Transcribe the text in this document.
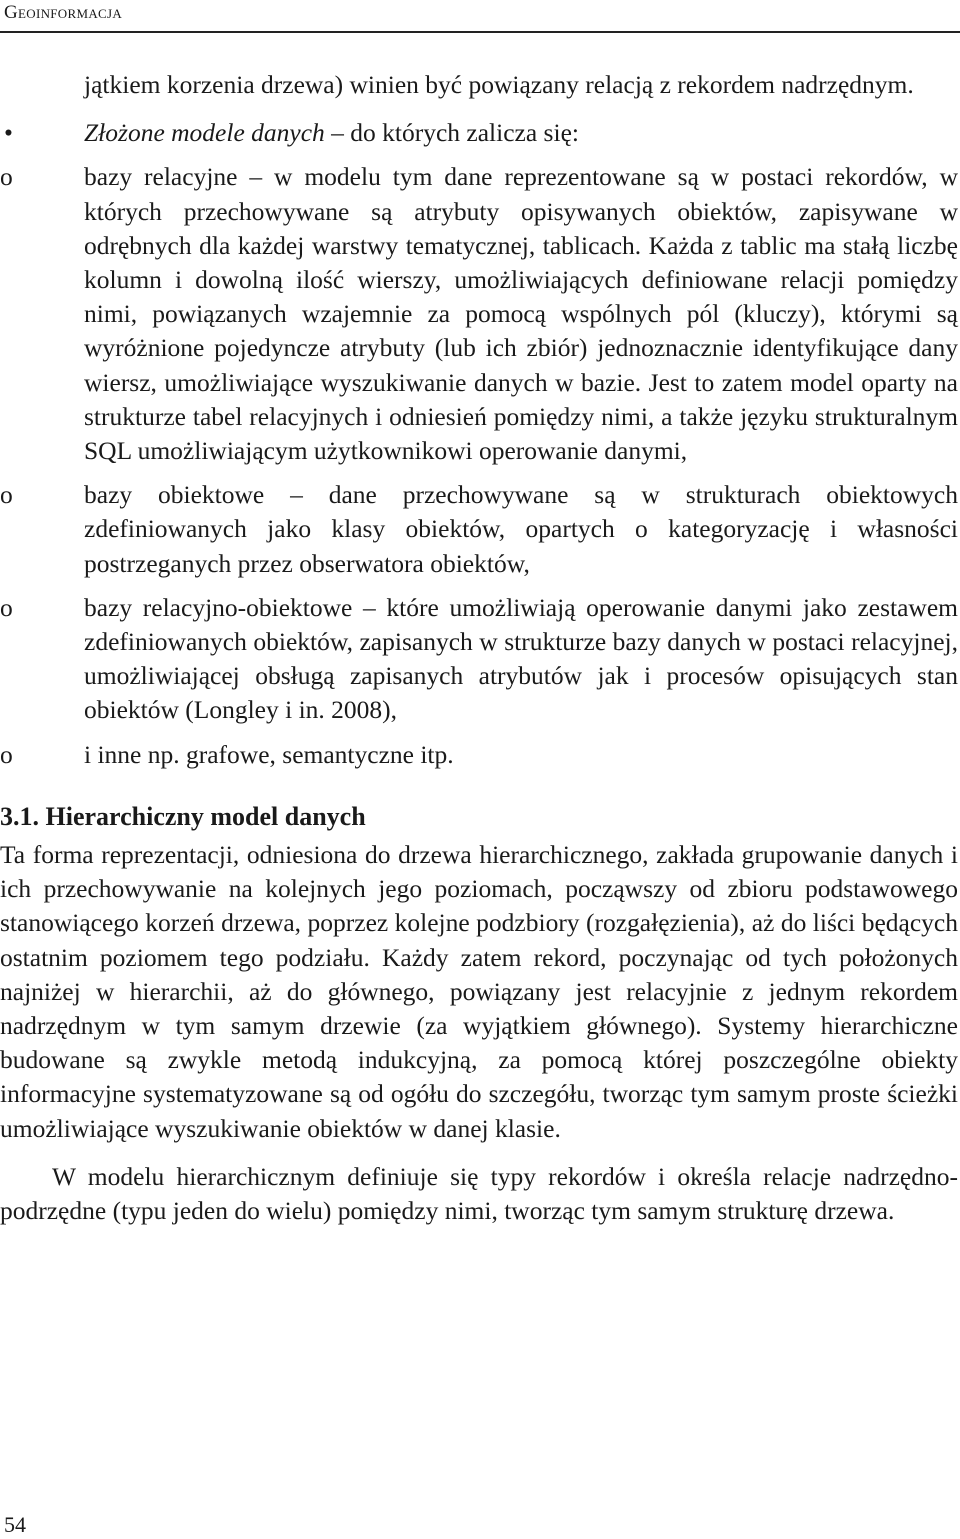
Geoinformacja

jątkiem korzenia drzewa) winien być powiązany relacją z rekordem nadrzędnym.

•	Złożone modele danych – do których zalicza się:
o	bazy relacyjne – w modelu tym dane reprezentowane są w postaci rekordów, w których przechowywane są atrybuty opisywanych obiektów, zapisywane w odrębnych dla każdej warstwy tematycznej, tablicach. Każda z tablic ma stałą liczbę kolumn i dowolną ilość wierszy, umożliwiających definiowane relacji pomiędzy nimi, powiązanych wzajemnie za pomocą wspólnych pól (kluczy), którymi są wyróżnione pojedyncze atrybuty (lub ich zbiór) jednoznacznie identyfikujące dany wiersz, umożliwiające wyszukiwanie danych w bazie. Jest to zatem model oparty na strukturze tabel relacyjnych i odniesień pomiędzy nimi, a także języku strukturalnym SQL umożliwiającym użytkownikowi operowanie danymi,
o	bazy obiektowe – dane przechowywane są w strukturach obiektowych zdefiniowanych jako klasy obiektów, opartych o kategoryzację i własności postrzeganych przez obserwatora obiektów,
o	bazy relacyjno-obiektowe – które umożliwiają operowanie danymi jako zestawem zdefiniowanych obiektów, zapisanych w strukturze bazy danych w postaci relacyjnej, umożliwiającej obsługą zapisanych atrybutów jak i procesów opisujących stan obiektów (Longley i in. 2008),
o	i inne np. grafowe, semantyczne itp.
3.1. Hierarchiczny model danych

Ta forma reprezentacji, odniesiona do drzewa hierarchicznego, zakłada grupowanie danych i ich przechowywanie na kolejnych jego poziomach, począwszy od zbioru podstawowego stanowiącego korzeń drzewa, poprzez kolejne podzbiory (rozgałęzienia), aż do liści będących ostatnim poziomem tego podziału. Każdy zatem rekord, poczynając od tych położonych najniżej w hierarchii, aż do głównego, powiązany jest relacyjnie z jednym rekordem nadrzędnym w tym samym drzewie (za wyjątkiem głównego). Systemy hierarchiczne budowane są zwykle metodą indukcyjną, za pomocą której poszczególne obiekty informacyjne systematyzowane są od ogółu do szczegółu, tworząc tym samym proste ścieżki umożliwiające wyszukiwanie obiektów w danej klasie.

W modelu hierarchicznym definiuje się typy rekordów i określa relacje nadrzędno-podrzędne (typu jeden do wielu) pomiędzy nimi, tworząc tym samym strukturę drzewa.

54
